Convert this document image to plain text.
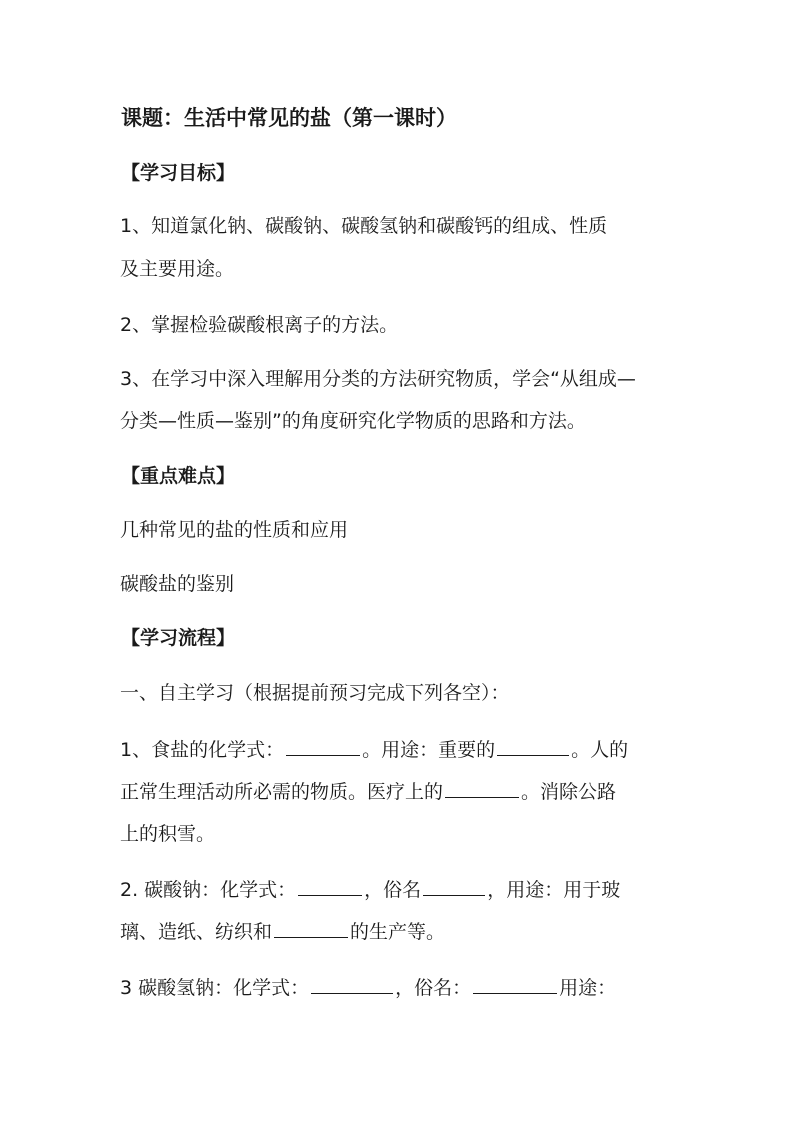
课题：生活中常见的盐（第一课时）

【学习目标】

1、知道氯化钠、碳酸钠、碳酸氢钠和碳酸钙的组成、性质

及主要用途。

2、掌握检验碳酸根离子的方法。

3、在学习中深入理解用分类的方法研究物质，学会“从组成—

分类—性质—鉴别”的角度研究化学物质的思路和方法。

【重点难点】

几种常见的盐的性质和应用

碳酸盐的鉴别

【学习流程】

一、自主学习（根据提前预习完成下列各空）：

1、食盐的化学式：	。用途：重要的	。人的

正常生理活动所必需的物质。医疗上的	。消除公路

上的积雪。

2. 碳酸钠：化学式：	，俗名	，用途：用于玻

璃、造纸、纺织和	的生产等。

3 碳酸氢钠：化学式：	，俗名：	用途：
